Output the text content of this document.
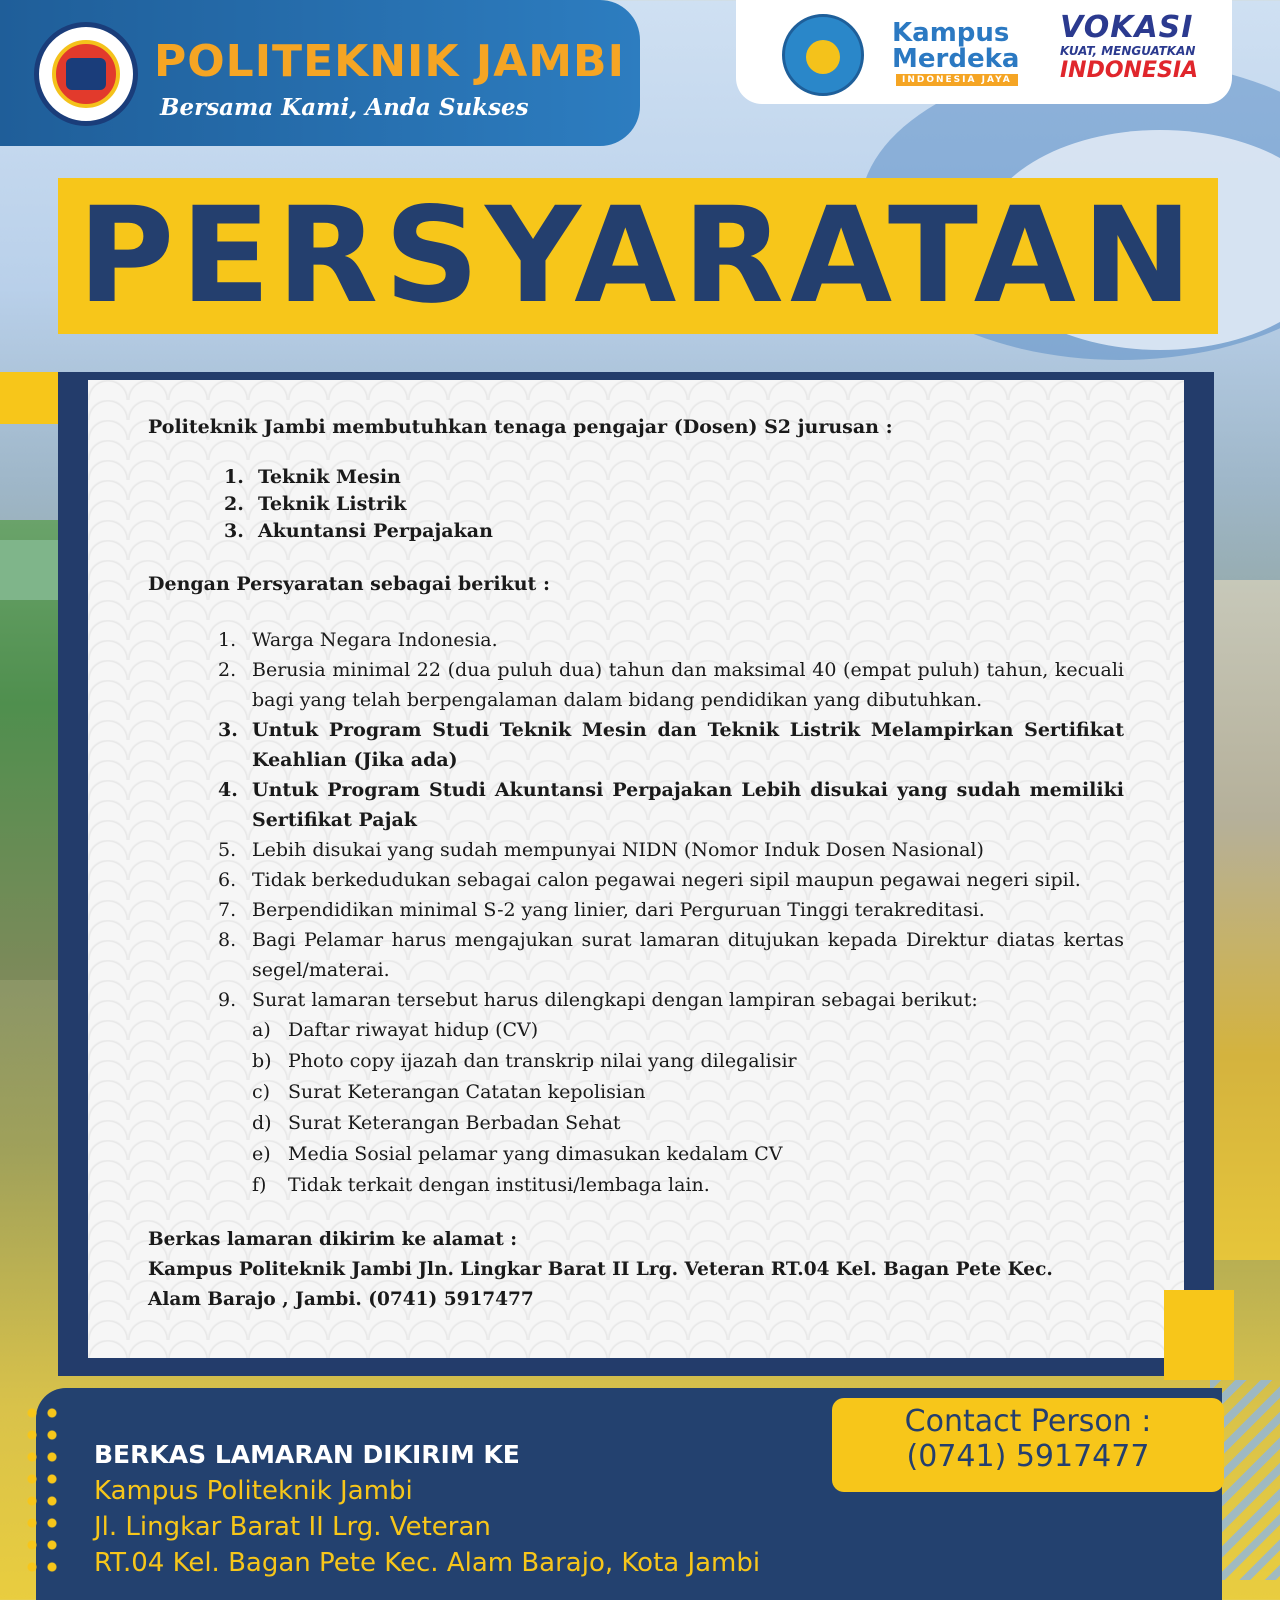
POLITEKNIK JAMBI
Bersama Kami, Anda Sukses
Kampus
Merdeka
INDONESIA JAYA
VOKASI
KUAT, MENGUATKAN
INDONESIA
PERSYARATAN

Politeknik Jambi membutuhkan tenaga pengajar (Dosen) S2 jurusan :

1. Teknik Mesin
2. Teknik Listrik
3. Akuntansi Perpajakan

Dengan Persyaratan sebagai berikut :

1. Warga Negara Indonesia.
2. Berusia minimal 22 (dua puluh dua) tahun dan maksimal 40 (empat puluh) tahun, kecuali bagi yang telah berpengalaman dalam bidang pendidikan yang dibutuhkan.
3. Untuk Program Studi Teknik Mesin dan Teknik Listrik Melampirkan Sertifikat Keahlian (Jika ada)
4. Untuk Program Studi Akuntansi Perpajakan Lebih disukai yang sudah memiliki Sertifikat Pajak
5. Lebih disukai yang sudah mempunyai NIDN (Nomor Induk Dosen Nasional)
6. Tidak berkedudukan sebagai calon pegawai negeri sipil maupun pegawai negeri sipil.
7. Berpendidikan minimal S-2 yang linier, dari Perguruan Tinggi terakreditasi.
8. Bagi Pelamar harus mengajukan surat lamaran ditujukan kepada Direktur diatas kertas segel/materai.
9. Surat lamaran tersebut harus dilengkapi dengan lampiran sebagai berikut:
a) Daftar riwayat hidup (CV)
b) Photo copy ijazah dan transkrip nilai yang dilegalisir
c) Surat Keterangan Catatan kepolisian
d) Surat Keterangan Berbadan Sehat
e) Media Sosial pelamar yang dimasukan kedalam CV
f) Tidak terkait dengan institusi/lembaga lain.
Berkas lamaran dikirim ke alamat :
Kampus Politeknik Jambi Jln. Lingkar Barat II Lrg. Veteran RT.04 Kel. Bagan Pete Kec.
Alam Barajo , Jambi. (0741) 5917477
BERKAS LAMARAN DIKIRIM KE
Kampus Politeknik Jambi
Jl. Lingkar Barat II Lrg. Veteran
RT.04 Kel. Bagan Pete Kec. Alam Barajo, Kota Jambi
Contact Person :
(0741) 5917477
